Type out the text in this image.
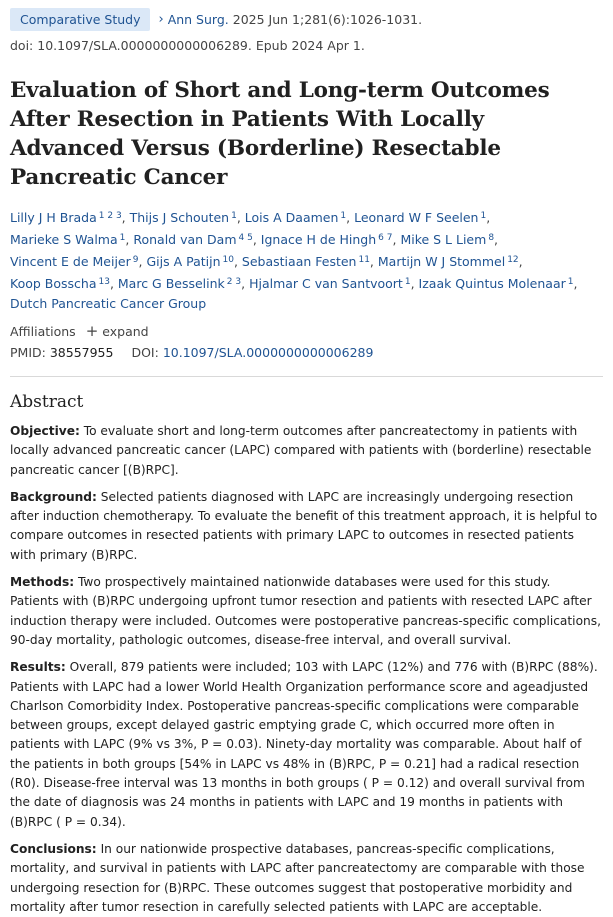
Comparative Study	› Ann Surg. 2025 Jun 1;281(6):1026-1031.
doi: 10.1097/SLA.0000000000006289. Epub 2024 Apr 1.
Evaluation of Short and Long-term Outcomes After Resection in Patients With Locally Advanced Versus (Borderline) Resectable Pancreatic Cancer
Lilly J H Brada $^{1 2 3}$, Thijs J Schouten $^1$, Lois A Daamen $^1$, Leonard W F Seelen $^1$, Marieke S Walma $^1$, Ronald van Dam $^{4 5}$, Ignace H de Hingh $^{6 7}$, Mike S L Liem $^8$, Vincent E de Meijer $^9$, Gijs A Patijn $^{10}$, Sebastiaan Festen $^{11}$, Martijn W J Stommel $^{12}$, Koop Bosscha $^{13}$, Marc G Besselink $^{2 3}$, Hjalmar C van Santvoort $^1$, Izaak Quintus Molenaar $^1$, Dutch Pancreatic Cancer Group
Affiliations + expand
PMID: 38557955 DOI: 10.1097/SLA.0000000000006289
Abstract

Objective: To evaluate short and long-term outcomes after pancreatectomy in patients with locally advanced pancreatic cancer (LAPC) compared with patients with (borderline) resectable pancreatic cancer [(B)RPC].

Background: Selected patients diagnosed with LAPC are increasingly undergoing resection after induction chemotherapy. To evaluate the benefit of this treatment approach, it is helpful to compare outcomes in resected patients with primary LAPC to outcomes in resected patients with primary (B)RPC.

Methods: Two prospectively maintained nationwide databases were used for this study. Patients with (B)RPC undergoing upfront tumor resection and patients with resected LAPC after induction therapy were included. Outcomes were postoperative pancreas-specific complications, 90-day mortality, pathologic outcomes, disease-free interval, and overall survival.

Results: Overall, 879 patients were included; 103 with LAPC (12%) and 776 with (B)RPC (88%). Patients with LAPC had a lower World Health Organization performance score and ageadjusted Charlson Comorbidity Index. Postoperative pancreas-specific complications were comparable between groups, except delayed gastric emptying grade C, which occurred more often in patients with LAPC (9% vs 3%, P = 0.03). Ninety-day mortality was comparable. About half of the patients in both groups [54% in LAPC vs 48% in (B)RPC, P = 0.21] had a radical resection (R0). Disease-free interval was 13 months in both groups ( P = 0.12) and overall survival from the date of diagnosis was 24 months in patients with LAPC and 19 months in patients with (B)RPC ( P = 0.34).

Conclusions: In our nationwide prospective databases, pancreas-specific complications, mortality, and survival in patients with LAPC after pancreatectomy are comparable with those undergoing resection for (B)RPC. These outcomes suggest that postoperative morbidity and mortality after tumor resection in carefully selected patients with LAPC are acceptable.
